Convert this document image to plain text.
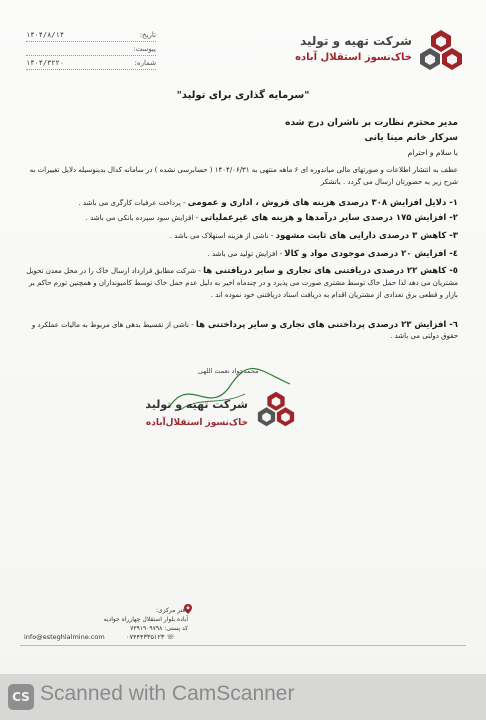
شرکت تهیه و تولید
خاک‌نسوز استقلال آباده
۱۴۰۴/۸/۱۴	تاریخ:
پیوست:
۱۴۰۴/۳۲۲۰	شماره:
"سرمایه گذاری برای تولید"
مدیر محترم نظارت بر ناشران درج شده
سرکار خانم مینا یانی
با سلام و احترام
عطف به انتشار اطلاعات و صورتهای مالی میاندوره ای ۶ ماهه منتهی به ۱۴۰۴/۰۶/۳۱ ( حسابرسی نشده ) در سامانه کدال بدینوسیله دلایل تغییرات به شرح زیر به حضورتان ارسال می گردد . باتشکر
۱- دلایل افزایش ۳۰۸ درصدی هزینه های فروش ، اداری و عمومی - پرداخت عرفیات کارگری می باشد .
۲- افزایش ۱۷۵ درصدی سایر درآمدها و هزینه های غیرعملیاتی - افزایش سود سپرده بانکی می باشد .
۳- کاهش ۳ درصدی دارایی های ثابت مشهود - ناشی از هزینه استهلاک می باشد .
٤- افزایش ۲۰ درصدی موجودی مواد و کالا - افزایش تولید می باشد .
٥- کاهش ۲۲ درصدی دریافتنی های تجاری و سایر دریافتنی ها - شرکت مطابق قرارداد ارسال خاک را در محل معدن تحویل مشتریان می دهد لذا حمل خاک توسط مشتری صورت می پذیرد و در چندماه اخیر به دلیل عدم حمل خاک توسط کامیونداران و همچنین تورم حاکم بر بازار و قطعی برق تعدادی از مشتریان اقدام به دریافت اسناد دریافتنی خود نموده اند .
٦- افزایش ۲۳ درصدی پرداختنی های تجاری و سایر پرداختنی ها - ناشی از تقسیط بدهی های مربوط به مالیات عملکرد و حقوق دولتی می باشد .
محمدجواد نعمت اللهی
شرکت تهیه و تولید
خاک‌نسوز استقلال‌آباده
دفتر مرکزی:
آباده بلوار استقلال چهارراه جوادیه
کد پستی: ۷۳۹۱۹۰۹۷۹۸
info@esteghlalmine.com	☏ ۰۷۴۴۴۳۳۵۱۲۳
CS Scanned with CamScanner
